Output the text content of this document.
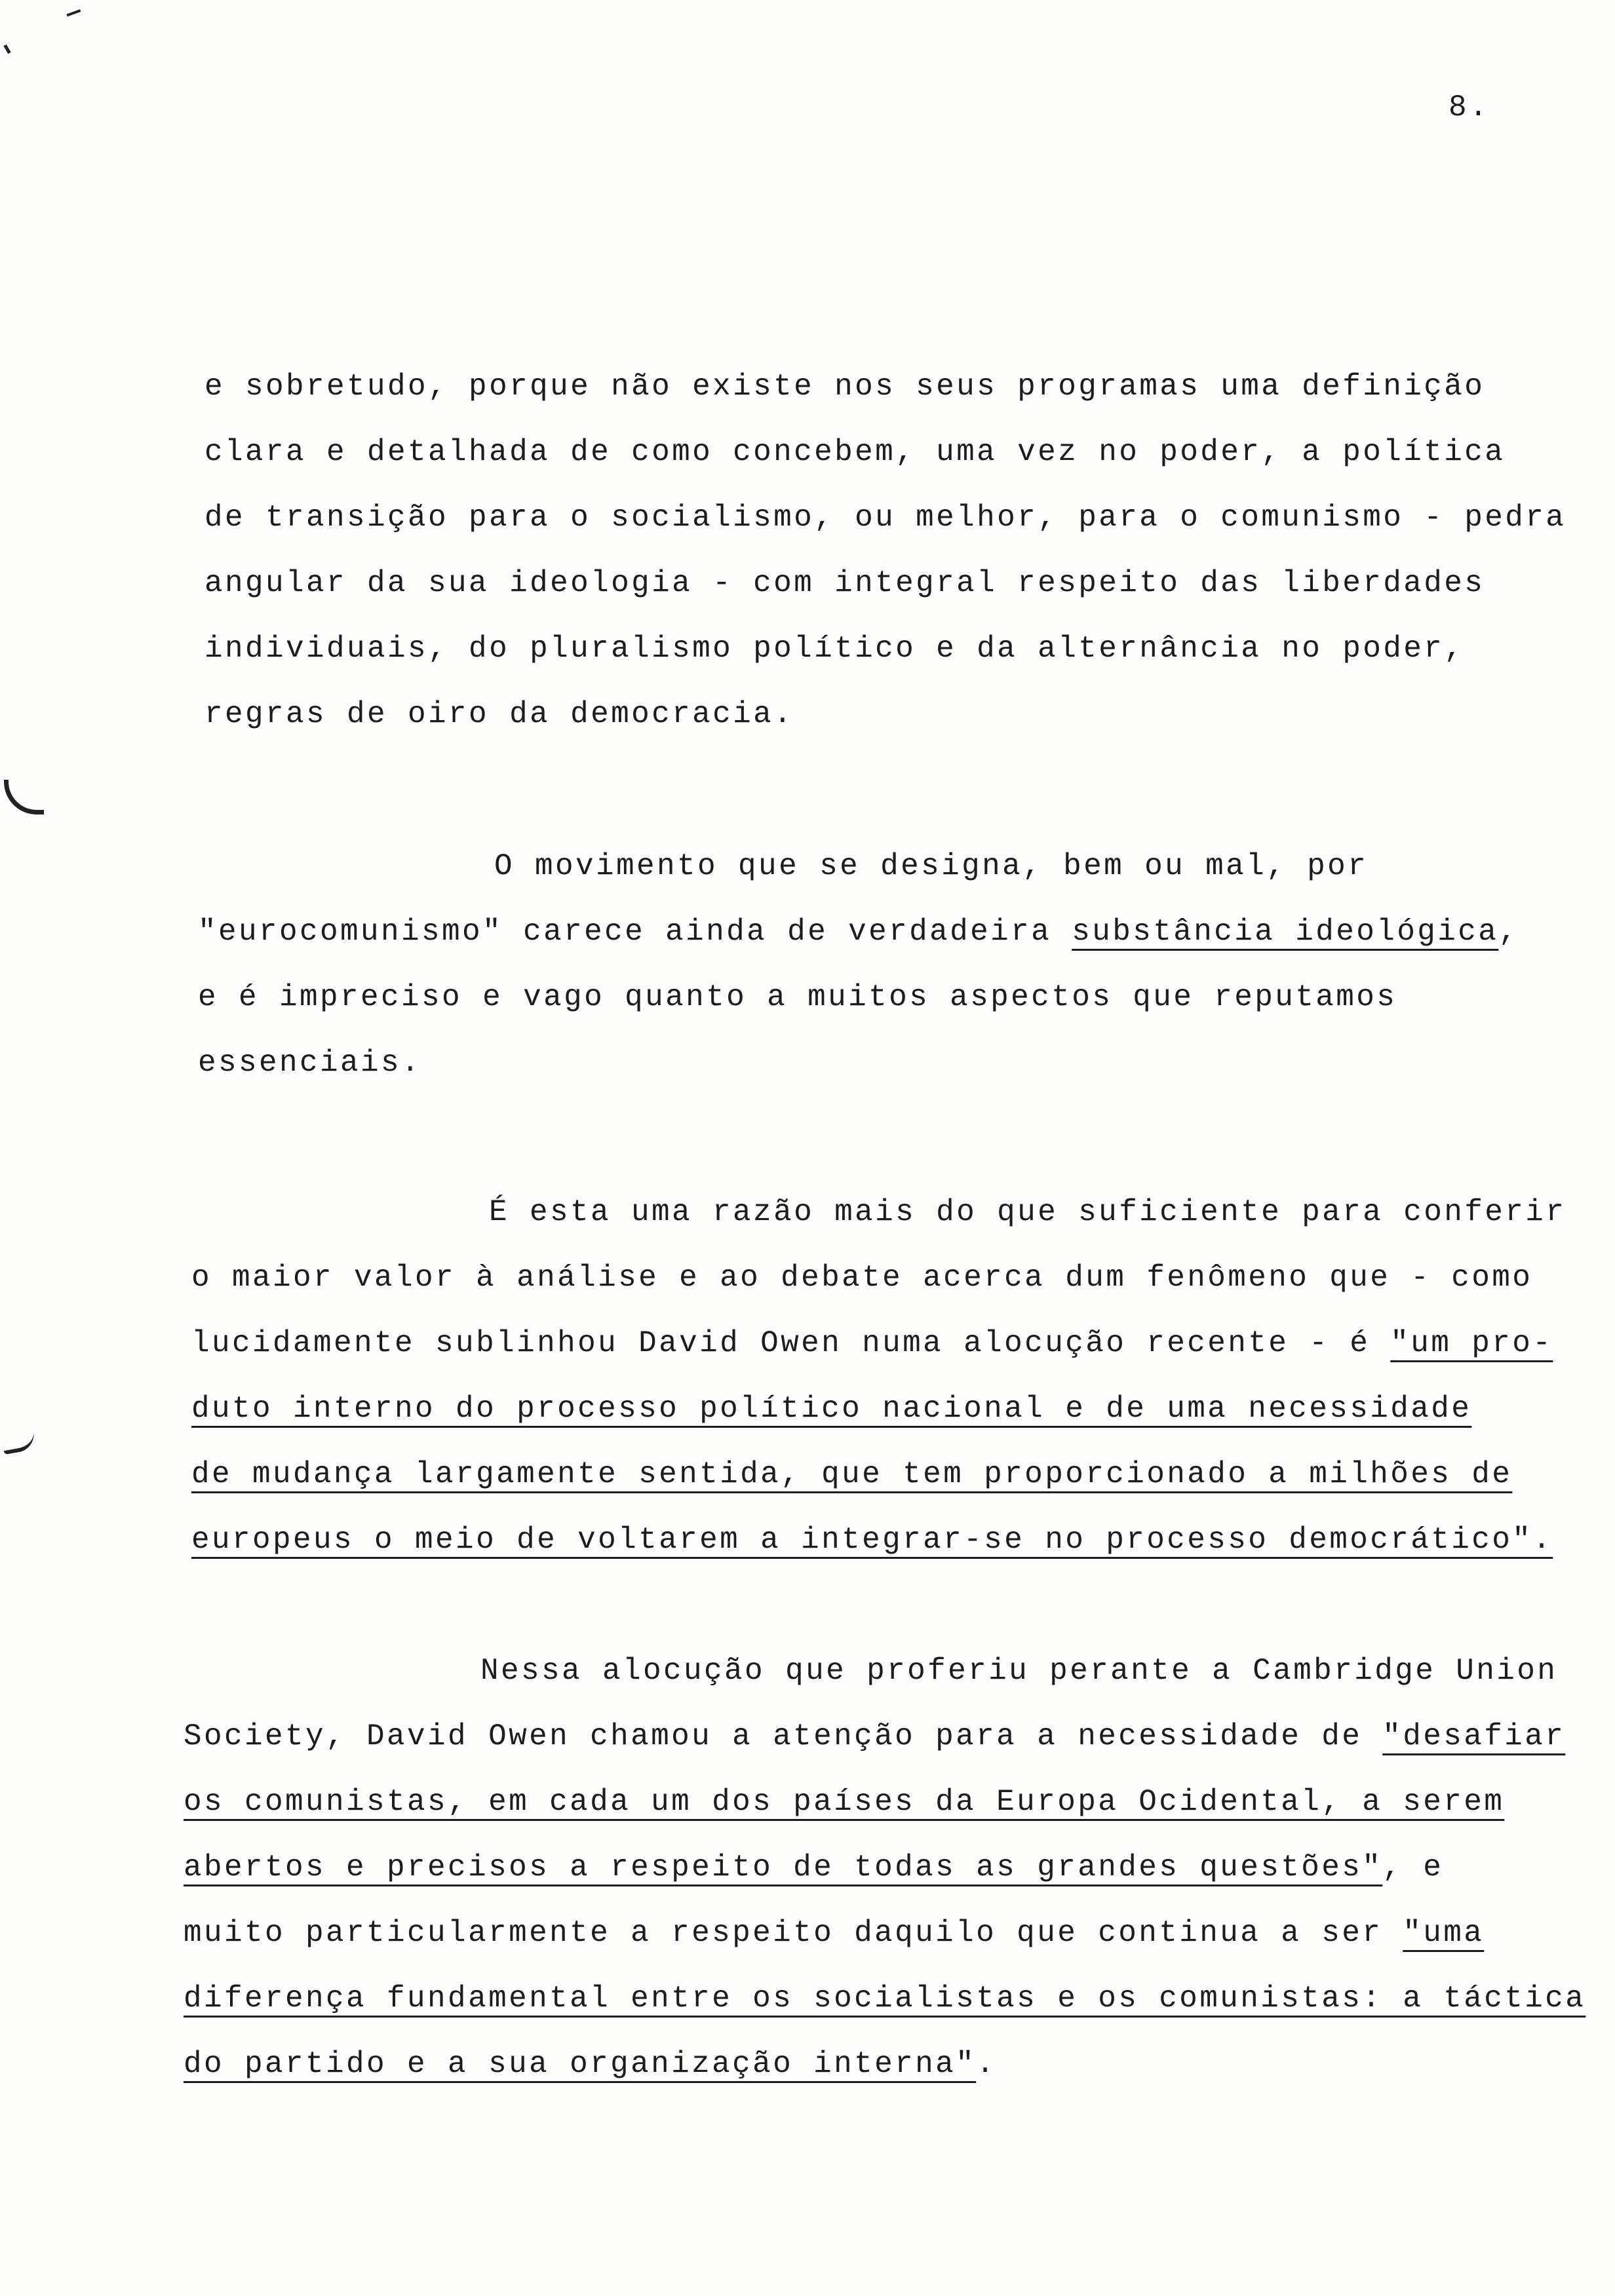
8.
e sobretudo, porque não existe nos seus programas uma definição
clara e detalhada de como concebem, uma vez no poder, a política
de transição para o socialismo, ou melhor, para o comunismo - pedra
angular da sua ideologia - com integral respeito das liberdades
individuais, do pluralismo político e da alternância no poder,
regras de oiro da democracia.
O movimento que se designa, bem ou mal, por
"eurocomunismo" carece ainda de verdadeira substância ideológica,
e é impreciso e vago quanto a muitos aspectos que reputamos
essenciais.
É esta uma razão mais do que suficiente para conferir
o maior valor à análise e ao debate acerca dum fenômeno que - como
lucidamente sublinhou David Owen numa alocução recente - é "um pro-
duto interno do processo político nacional e de uma necessidade
de mudança largamente sentida, que tem proporcionado a milhões de
europeus o meio de voltarem a integrar-se no processo democrático".
Nessa alocução que proferiu perante a Cambridge Union
Society, David Owen chamou a atenção para a necessidade de "desafiar
os comunistas, em cada um dos países da Europa Ocidental, a serem
abertos e precisos a respeito de todas as grandes questões", e
muito particularmente a respeito daquilo que continua a ser "uma
diferença fundamental entre os socialistas e os comunistas: a táctica
do partido e a sua organização interna".
